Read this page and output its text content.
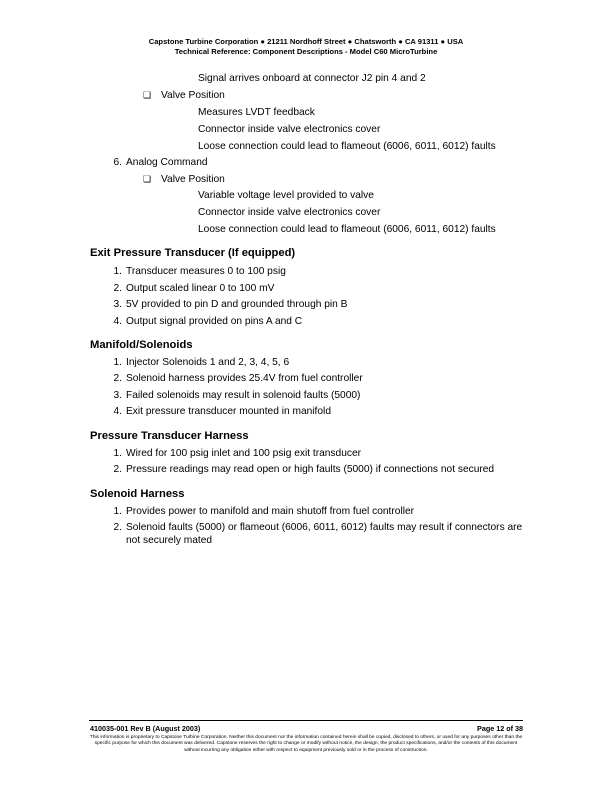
Capstone Turbine Corporation ● 21211 Nordhoff Street ● Chatsworth ● CA 91311 ● USA
Technical Reference: Component Descriptions - Model C60 MicroTurbine
Signal arrives onboard at connector J2 pin 4 and 2
❑ Valve Position
Measures LVDT feedback
Connector inside valve electronics cover
Loose connection could lead to flameout (6006, 6011, 6012) faults
6. Analog Command
❑ Valve Position
Variable voltage level provided to valve
Connector inside valve electronics cover
Loose connection could lead to flameout (6006, 6011, 6012) faults
Exit Pressure Transducer (If equipped)
1. Transducer measures 0 to 100 psig
2. Output scaled linear 0 to 100 mV
3. 5V provided to pin D and grounded through pin B
4. Output signal provided on pins A and C
Manifold/Solenoids
1. Injector Solenoids 1 and 2, 3, 4, 5, 6
2. Solenoid harness provides 25.4V from fuel controller
3. Failed solenoids may result in solenoid faults (5000)
4. Exit pressure transducer mounted in manifold
Pressure Transducer Harness
1. Wired for 100 psig inlet and 100 psig exit transducer
2. Pressure readings may read open or high faults (5000) if connections not secured
Solenoid Harness
1. Provides power to manifold and main shutoff from fuel controller
2. Solenoid faults (5000) or flameout (6006, 6011, 6012) faults may result if connectors are not securely mated
410035-001 Rev B (August 2003)	Page 12 of 38
This information is proprietary to Capstone Turbine Corporation. Neither this document nor the information contained herein shall be copied, disclosed to others, or used for any purposes other than the specific purpose for which this document was delivered. Capstone reserves the right to change or modify without notice, the design, the product specifications, and/or the contents of this document without incurring any obligation either with respect to equipment previously sold or in the process of construction.
